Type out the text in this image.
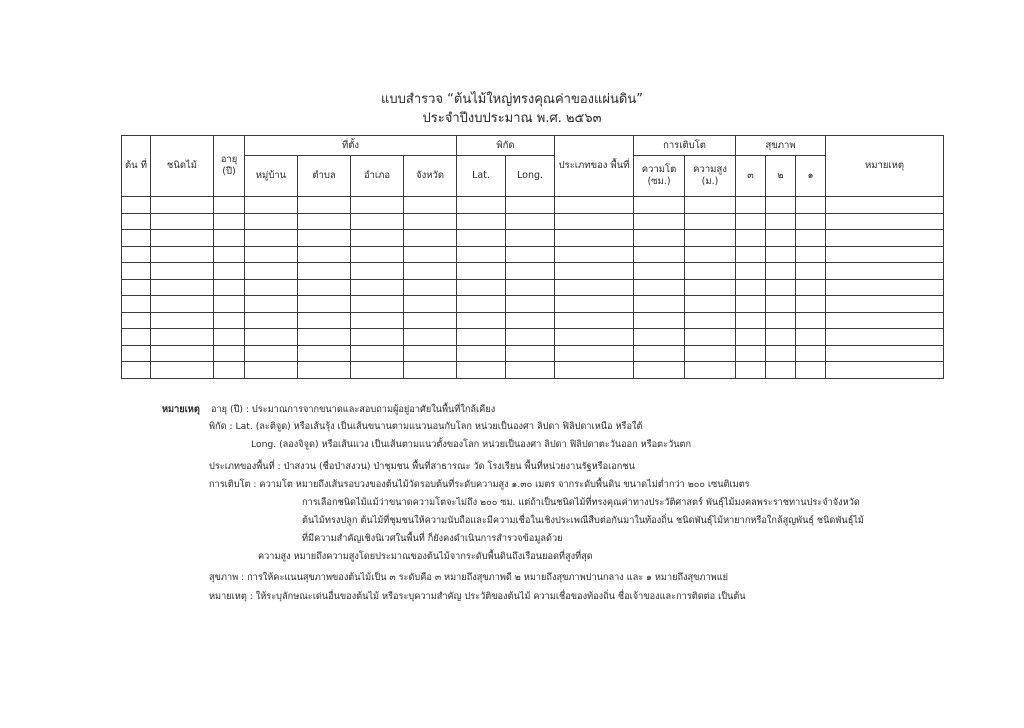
แบบสำรวจ “ต้นไม้ใหญ่ทรงคุณค่าของแผ่นดิน”
ประจำปีงบประมาณ พ.ศ. ๒๕๖๓
ต้น ที่	ชนิดไม้	อายุ (ปี)	ที่ตั้ง				พิกัด		ประเภทของ พื้นที่	การเติบโต		สุขภาพ			หมายเหตุ
			หมู่บ้าน	ตำบล	อำเภอ	จังหวัด	Lat.	Long.		ความโต (ซม.)	ความสูง (ม.)	๓	๒	๑	

หมายเหตุ อายุ (ปี) : ประมาณการจากขนาดและสอบถามผู้อยู่อาศัยในพื้นที่ใกล้เคียง
พิกัด : Lat. (ละติจูด) หรือเส้นรุ้ง เป็นเส้นขนานตามแนวนอนกับโลก หน่วยเป็นองศา ลิปดา ฟิลิปดาเหนือ หรือใต้
Long. (ลองจิจูด) หรือเส้นแวง เป็นเส้นตามแนวตั้งของโลก หน่วยเป็นองศา ลิปดา ฟิลิปดาตะวันออก หรือตะวันตก
ประเภทของพื้นที่ : ป่าสงวน (ชื่อป่าสงวน) ป่าชุมชน พื้นที่สาธารณะ วัด โรงเรียน พื้นที่หน่วยงานรัฐหรือเอกชน
การเติบโต : ความโต หมายถึงเส้นรอบวงของต้นไม้วัดรอบต้นที่ระดับความสูง ๑.๓๐ เมตร จากระดับพื้นดิน ขนาดไม่ต่ำกว่า ๒๐๐ เซนติเมตร
การเลือกชนิดไม้แม้ว่าขนาดความโตจะไม่ถึง ๒๐๐ ซม. แต่ถ้าเป็นชนิดไม้ที่ทรงคุณค่าทางประวัติศาสตร์ พันธุ์ไม้มงคลพระราชทานประจำจังหวัด
ต้นไม้ทรงปลูก ต้นไม้ที่ชุมชนให้ความนับถือและมีความเชื่อในเชิงประเพณีสืบต่อกันมาในท้องถิ่น ชนิดพันธุ์ไม้หายากหรือใกล้สูญพันธุ์ ชนิดพันธุ์ไม้
ที่มีความสำคัญเชิงนิเวศในพื้นที่ ก็ยังคงดำเนินการสำรวจข้อมูลด้วย
ความสูง หมายถึงความสูงโดยประมาณของต้นไม้จากระดับพื้นดินถึงเรือนยอดที่สูงที่สุด
สุขภาพ : การให้คะแนนสุขภาพของต้นไม้เป็น ๓ ระดับคือ ๓ หมายถึงสุขภาพดี ๒ หมายถึงสุขภาพปานกลาง และ ๑ หมายถึงสุขภาพแย่
หมายเหตุ : ให้ระบุลักษณะเด่นอื่นของต้นไม้ หรือระบุความสำคัญ ประวัติของต้นไม้ ความเชื่อของท้องถิ่น ชื่อเจ้าของและการติดต่อ เป็นต้น
